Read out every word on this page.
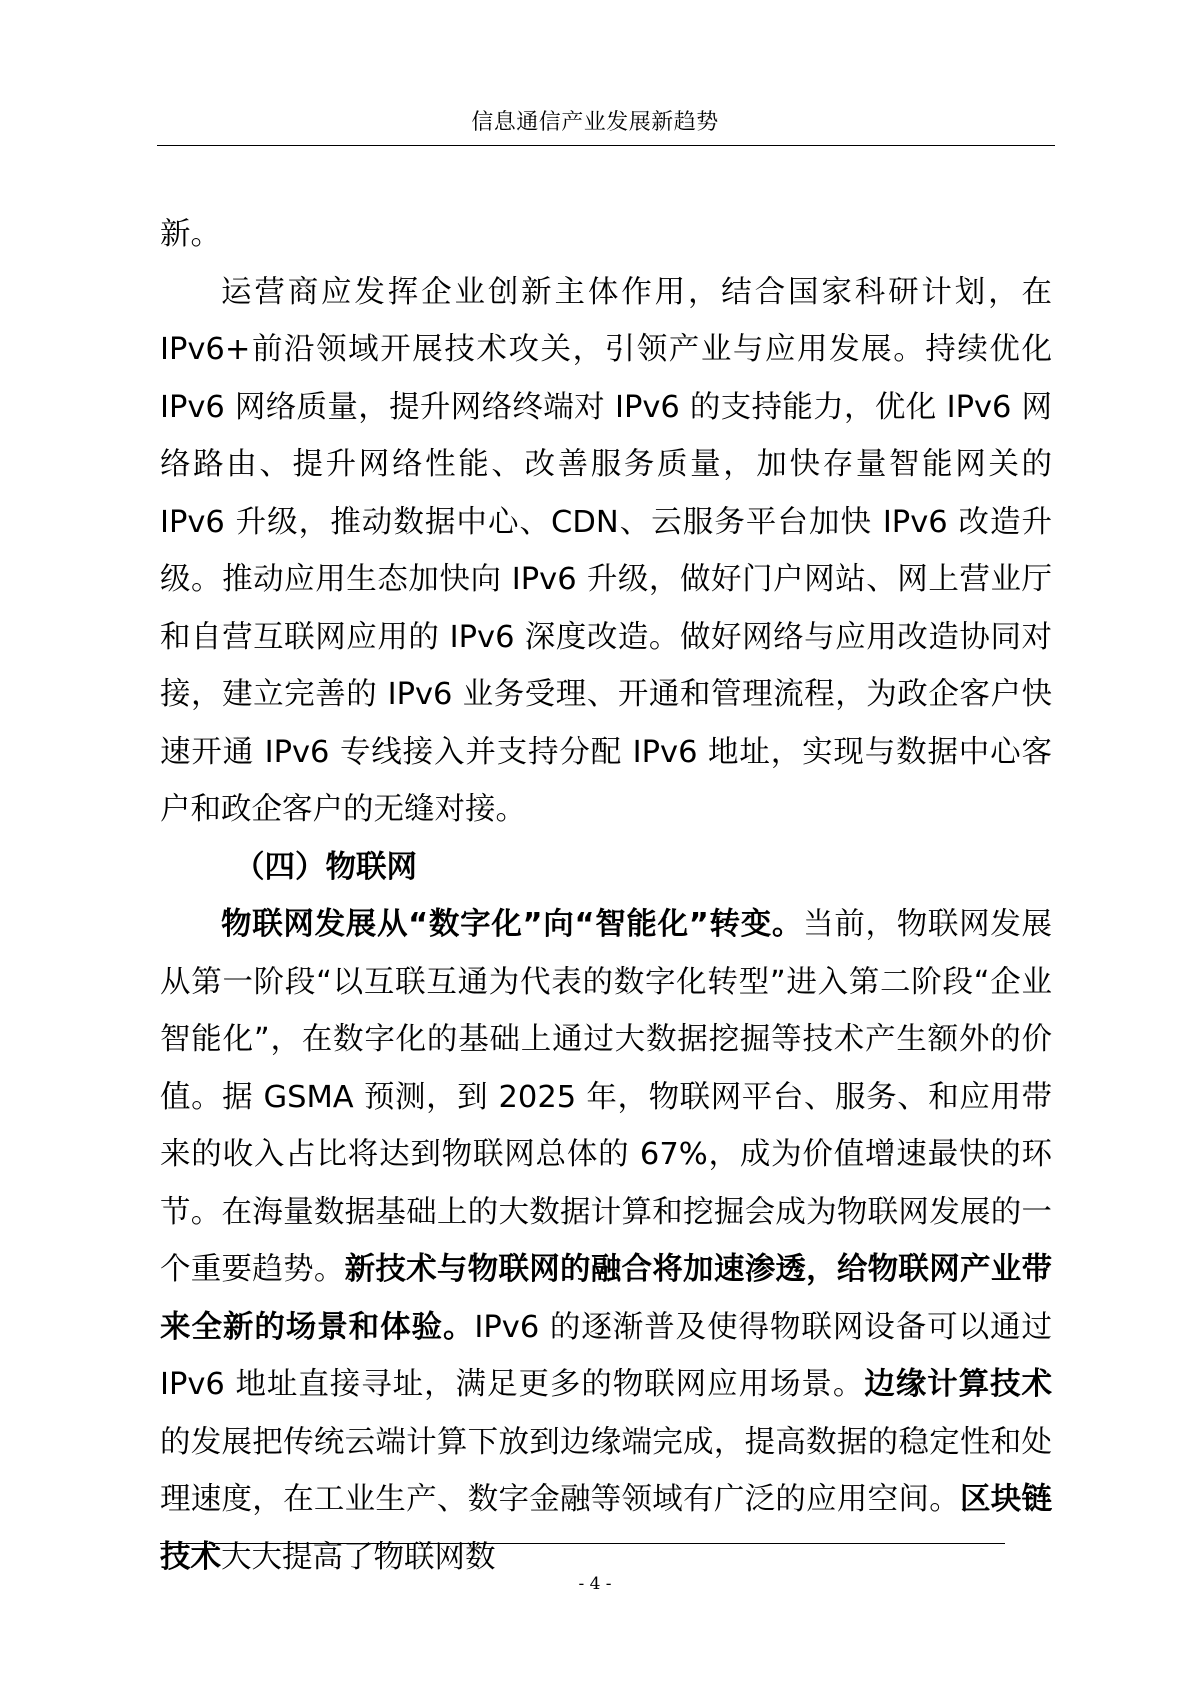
信息通信产业发展新趋势

新。

运营商应发挥企业创新主体作用，结合国家科研计划，在 IPv6+前沿领域开展技术攻关，引领产业与应用发展。持续优化 IPv6 网络质量，提升网络终端对 IPv6 的支持能力，优化 IPv6 网络路由、提升网络性能、改善服务质量，加快存量智能网关的 IPv6 升级，推动数据中心、CDN、云服务平台加快 IPv6 改造升级。推动应用生态加快向 IPv6 升级，做好门户网站、网上营业厅和自营互联网应用的 IPv6 深度改造。做好网络与应用改造协同对接，建立完善的 IPv6 业务受理、开通和管理流程，为政企客户快速开通 IPv6 专线接入并支持分配 IPv6 地址，实现与数据中心客户和政企客户的无缝对接。

（四）物联网

物联网发展从“数字化”向“智能化”转变。当前，物联网发展从第一阶段“以互联互通为代表的数字化转型”进入第二阶段“企业智能化”，在数字化的基础上通过大数据挖掘等技术产生额外的价值。据 GSMA 预测，到 2025 年，物联网平台、服务、和应用带来的收入占比将达到物联网总体的 67%，成为价值增速最快的环节。在海量数据基础上的大数据计算和挖掘会成为物联网发展的一个重要趋势。新技术与物联网的融合将加速渗透，给物联网产业带来全新的场景和体验。IPv6 的逐渐普及使得物联网设备可以通过 IPv6 地址直接寻址，满足更多的物联网应用场景。边缘计算技术的发展把传统云端计算下放到边缘端完成，提高数据的稳定性和处理速度，在工业生产、数字金融等领域有广泛的应用空间。区块链技术大大提高了物联网数

- 4 -
